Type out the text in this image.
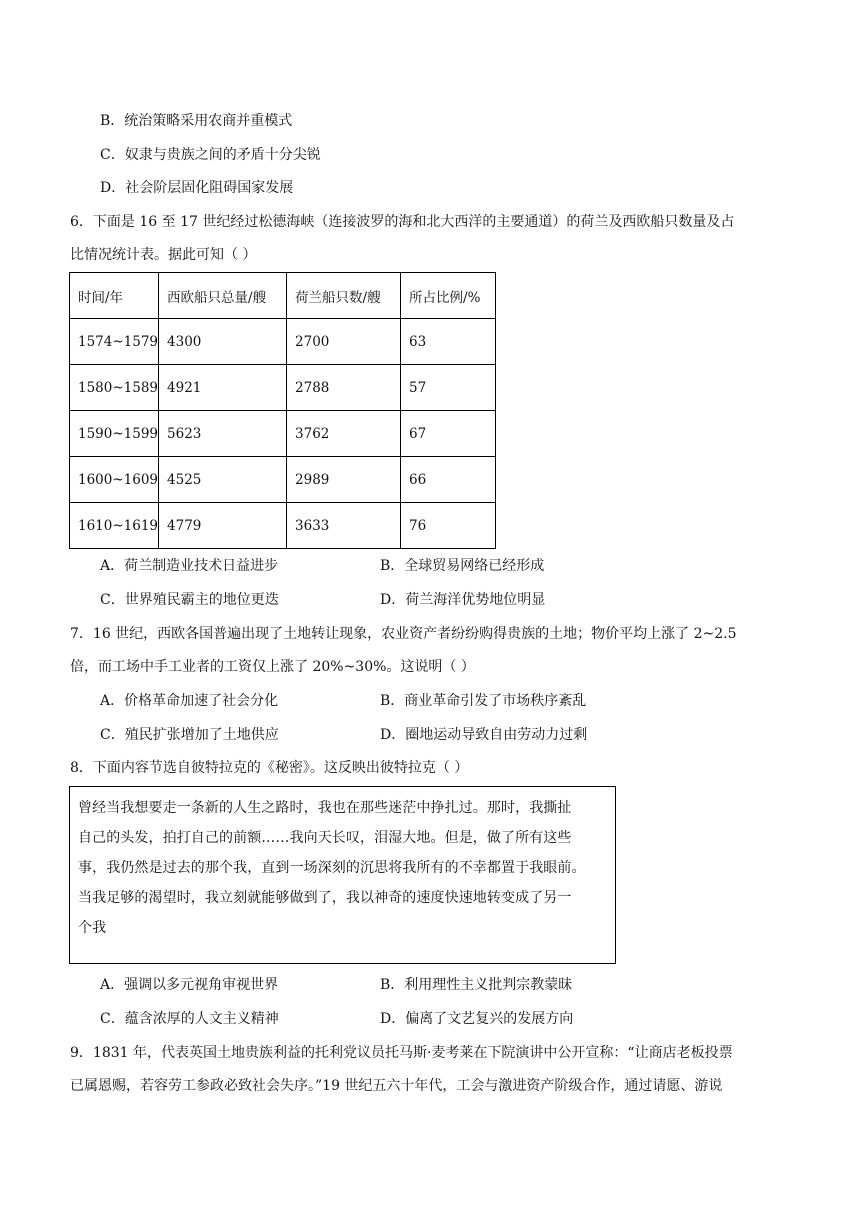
B．统治策略采用农商并重模式
C．奴隶与贵族之间的矛盾十分尖锐
D．社会阶层固化阻碍国家发展
6．下面是 16 至 17 世纪经过松德海峡（连接波罗的海和北大西洋的主要通道）的荷兰及西欧船只数量及占
比情况统计表。据此可知（ ）
时间/年	西欧船只总量/艘	荷兰船只数/艘	所占比例/%
1574~1579	4300	2700	63
1580~1589	4921	2788	57
1590~1599	5623	3762	67
1600~1609	4525	2989	66
1610~1619	4779	3633	76
A．荷兰制造业技术日益进步	B．全球贸易网络已经形成
C．世界殖民霸主的地位更迭	D．荷兰海洋优势地位明显
7．16 世纪，西欧各国普遍出现了土地转让现象，农业资产者纷纷购得贵族的土地；物价平均上涨了 2~2.5
倍，而工场中手工业者的工资仅上涨了 20%~30%。这说明（ ）
A．价格革命加速了社会分化	B．商业革命引发了市场秩序紊乱
C．殖民扩张增加了土地供应	D．圈地运动导致自由劳动力过剩
8．下面内容节选自彼特拉克的《秘密》。这反映出彼特拉克（ ）

曾经当我想要走一条新的人生之路时，我也在那些迷茫中挣扎过。那时，我撕扯

自己的头发，拍打自己的前额……我向天长叹，泪湿大地。但是，做了所有这些

事，我仍然是过去的那个我，直到一场深刻的沉思将我所有的不幸都置于我眼前。

当我足够的渴望时，我立刻就能够做到了，我以神奇的速度快速地转变成了另一

个我

A．强调以多元视角审视世界	B．利用理性主义批判宗教蒙昧
C．蕴含浓厚的人文主义精神	D．偏离了文艺复兴的发展方向
9．1831 年，代表英国土地贵族利益的托利党议员托马斯·麦考莱在下院演讲中公开宣称：“让商店老板投票
已属恩赐，若容劳工参政必致社会失序。”19 世纪五六十年代，工会与激进资产阶级合作，通过请愿、游说
